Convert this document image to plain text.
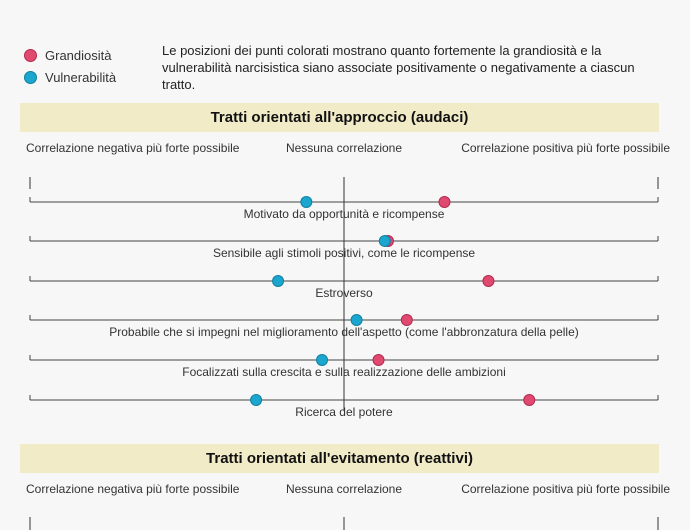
Grandiosità
Vulnerabilità
Le posizioni dei punti colorati mostrano quanto fortemente la grandiosità e la vulnerabilità narcisistica siano associate positivamente o negativamente a ciascun tratto.
Tratti orientati all'approccio (audaci)
Correlazione negativa più forte possibile	Nessuna correlazione	Correlazione positiva più forte possibile
Motivato da opportunità e ricompense
Sensibile agli stimoli positivi, come le ricompense
Estroverso
Probabile che si impegni nel miglioramento dell'aspetto (come l'abbronzatura della pelle)
Focalizzati sulla crescita e sulla realizzazione delle ambizioni
Ricerca del potere
Tratti orientati all'evitamento (reattivi)
Correlazione negativa più forte possibile	Nessuna correlazione	Correlazione positiva più forte possibile
